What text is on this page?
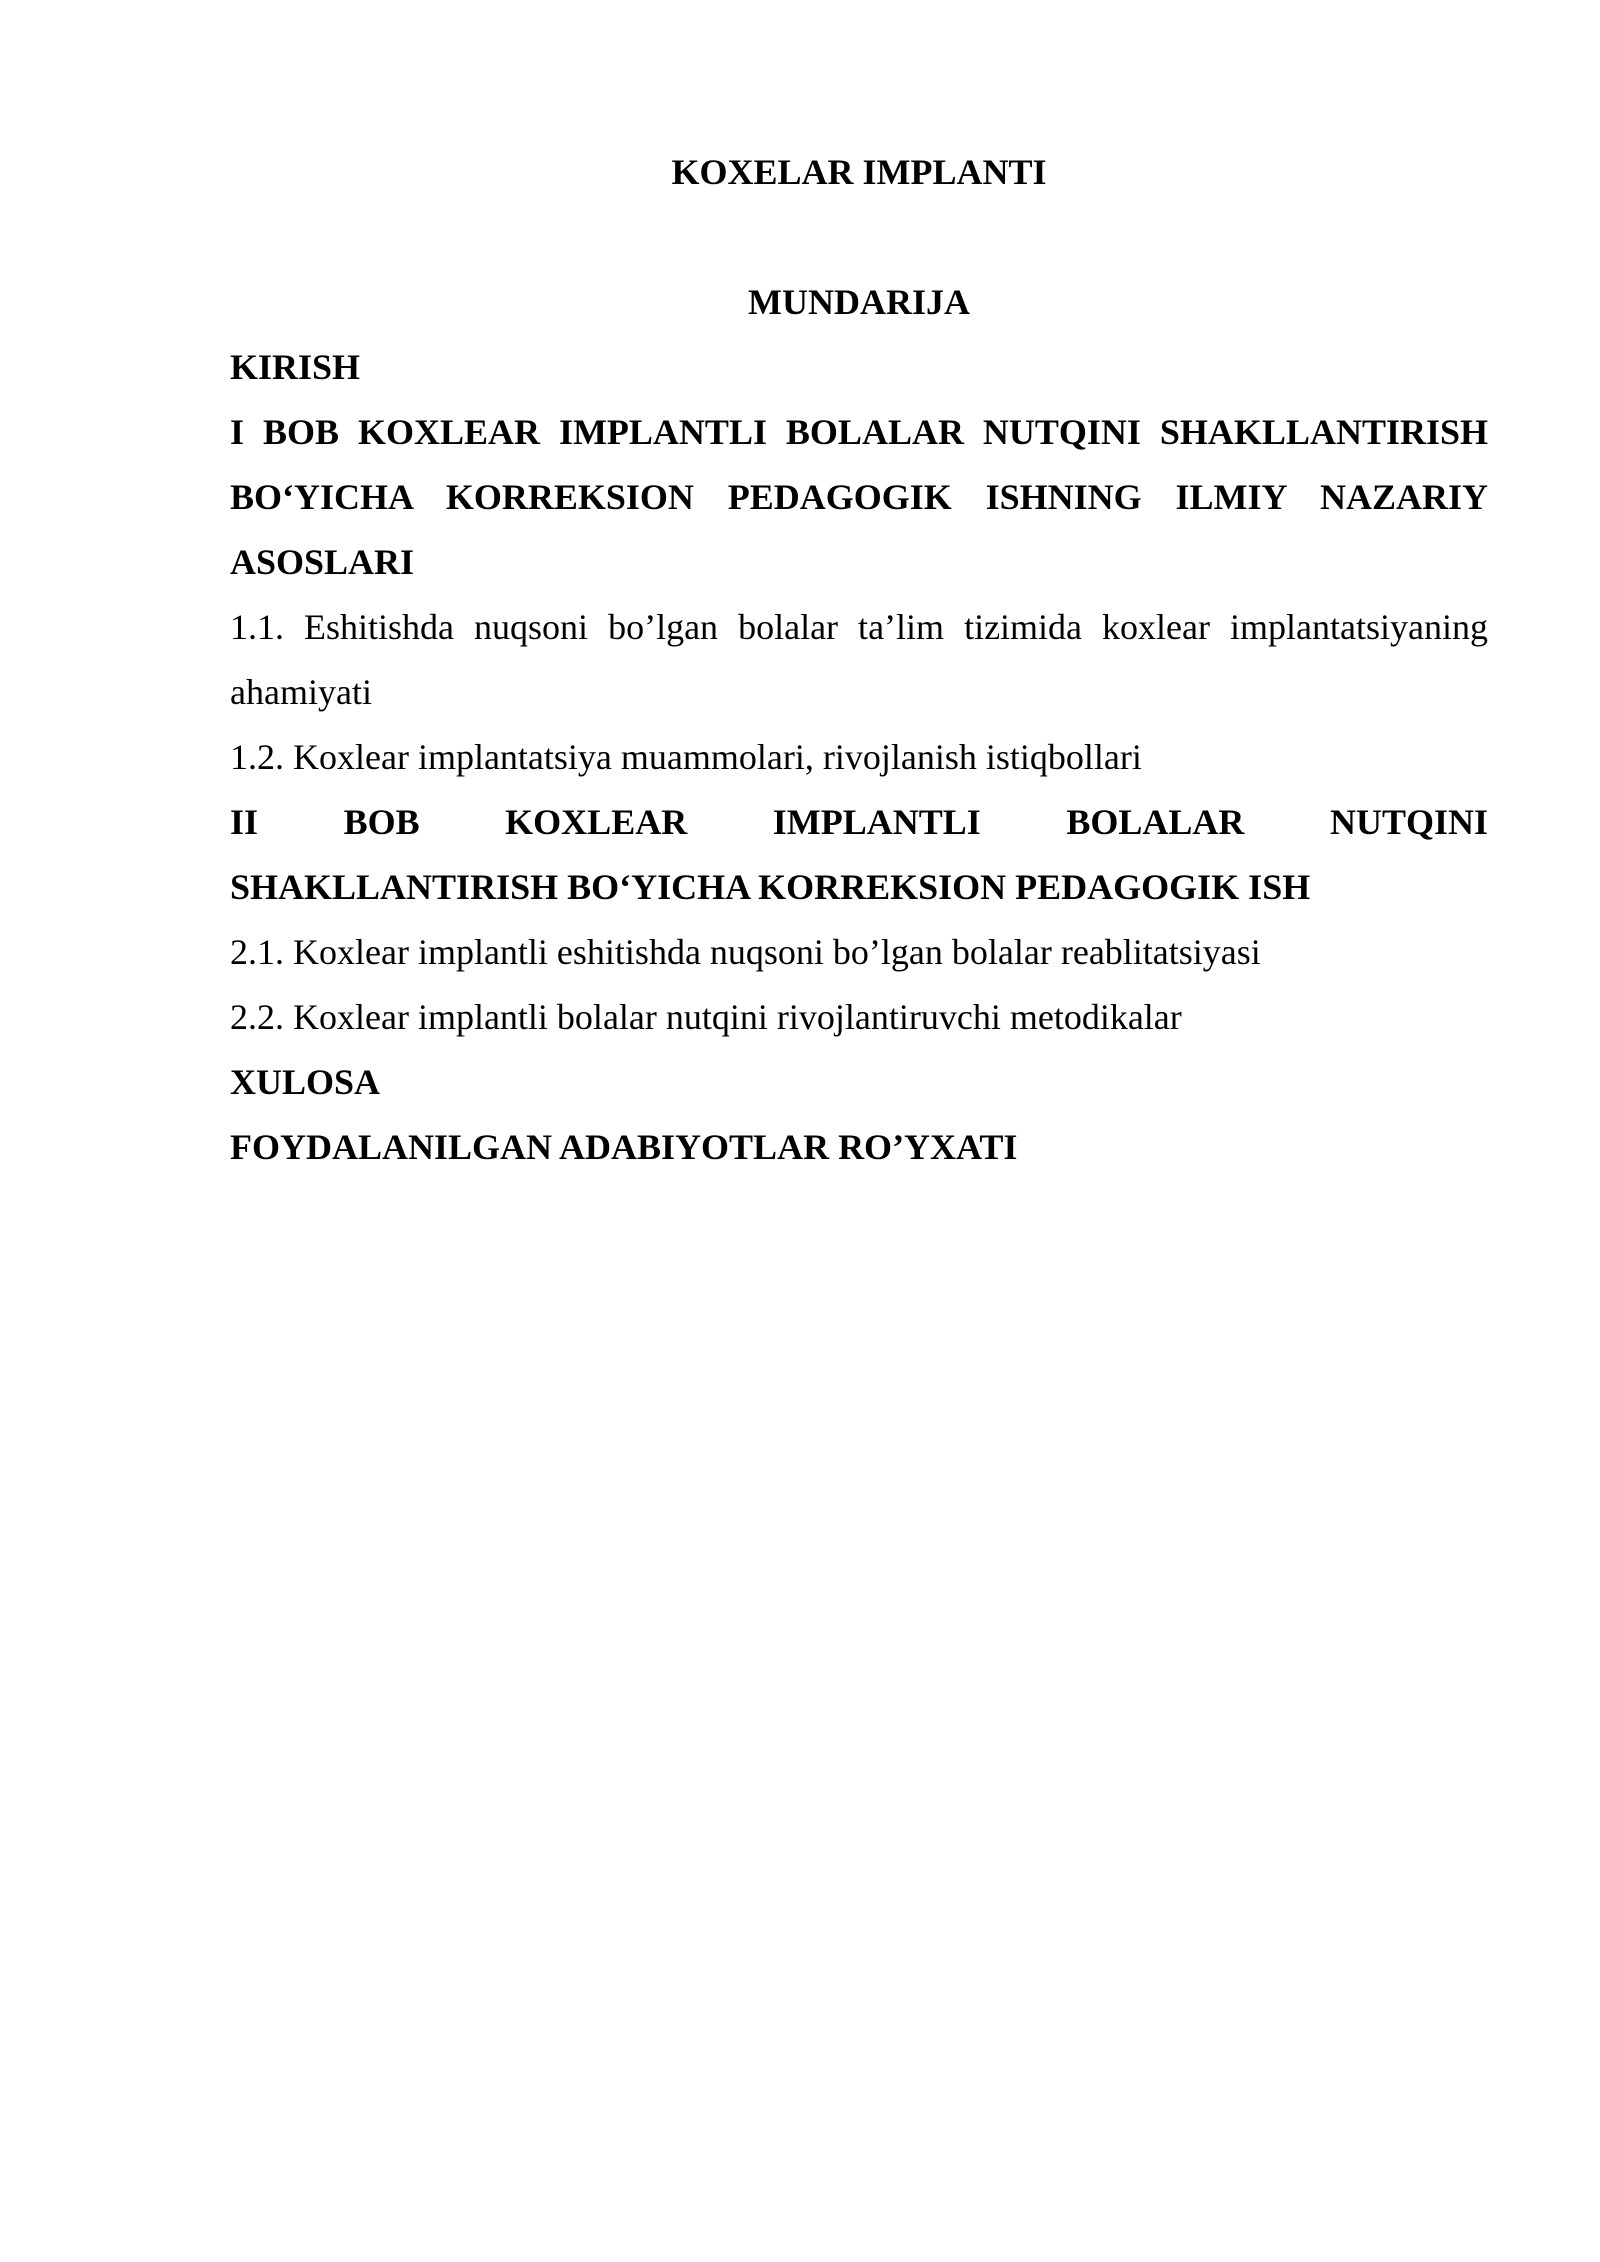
KOXELAR IMPLANTI
MUNDARIJA
KIRISH
I BOB KOXLEAR IMPLANTLI BOLALAR NUTQINI SHAKLLANTIRISH
BO‘YICHA KORREKSION PEDAGOGIK ISHNING ILMIY NAZARIY
ASOSLARI
1.1. Eshitishda nuqsoni bo’lgan bolalar ta’lim tizimida koxlear implantatsiyaning
ahamiyati
1.2. Koxlear implantatsiya muammolari, rivojlanish istiqbollari
II BOB KOXLEAR IMPLANTLI BOLALAR NUTQINI
SHAKLLANTIRISH BO‘YICHA KORREKSION PEDAGOGIK ISH
2.1. Koxlear implantli eshitishda nuqsoni bo’lgan bolalar reablitatsiyasi
2.2. Koxlear implantli bolalar nutqini rivojlantiruvchi metodikalar
XULOSA
FOYDALANILGAN ADABIYOTLAR RO’YXATI
